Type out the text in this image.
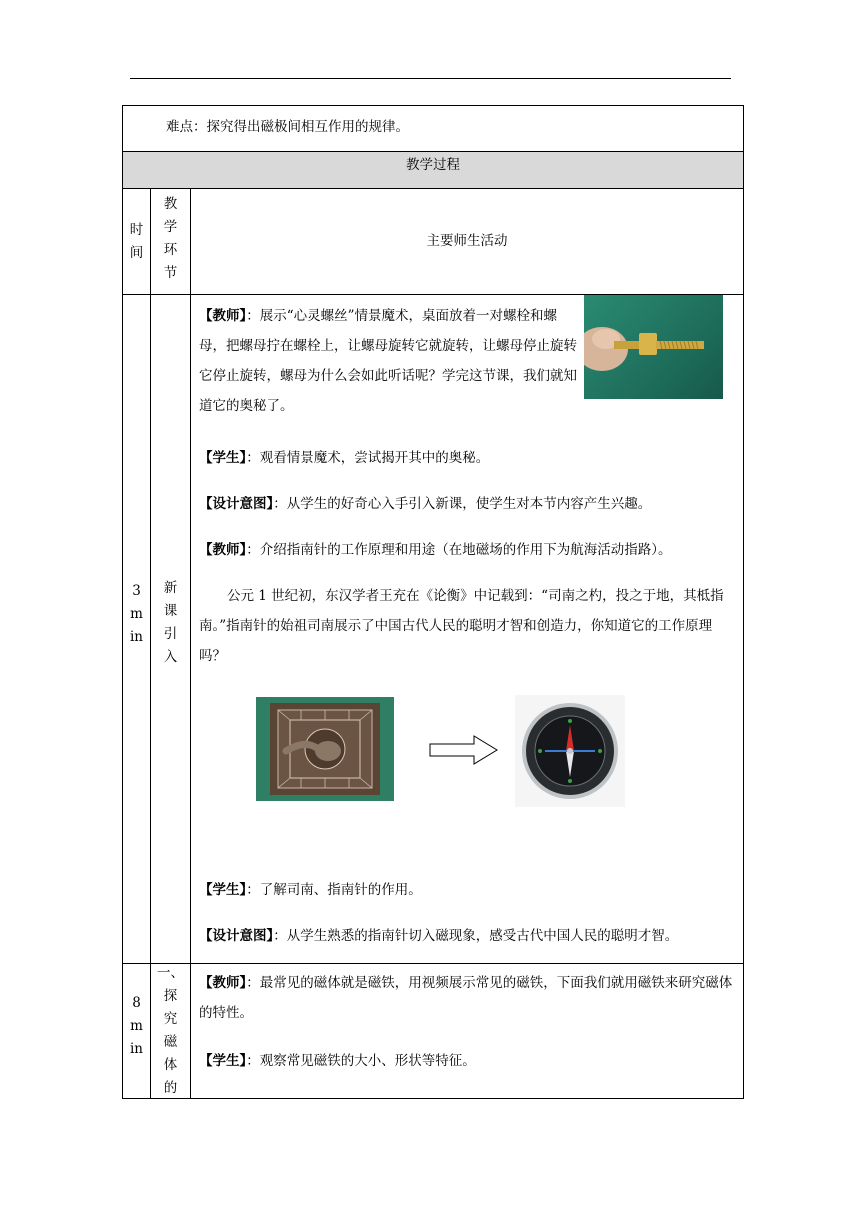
难点：探究得出磁极间相互作用的规律。
教学过程
时
间
教
学
环
节
主要师生活动
3
m
in
新
课
引
入
【教师】：展示“心灵螺丝”情景魔术，桌面放着一对螺栓和螺母，把螺母拧在螺栓上，让螺母旋转它就旋转，让螺母停止旋转它停止旋转，螺母为什么会如此听话呢？学完这节课，我们就知道它的奥秘了。
【学生】：观看情景魔术，尝试揭开其中的奥秘。
【设计意图】：从学生的好奇心入手引入新课，使学生对本节内容产生兴趣。
【教师】：介绍指南针的工作原理和用途（在地磁场的作用下为航海活动指路）。
公元 1 世纪初，东汉学者王充在《论衡》中记载到：“司南之杓，投之于地，其柢指南。”指南针的始祖司南展示了中国古代人民的聪明才智和创造力，你知道它的工作原理吗？
【学生】：了解司南、指南针的作用。
【设计意图】：从学生熟悉的指南针切入磁现象，感受古代中国人民的聪明才智。
8
m
in
一、
探
究
磁
体
的
【教师】：最常见的磁体就是磁铁，用视频展示常见的磁铁，下面我们就用磁铁来研究磁体的特性。
【学生】：观察常见磁铁的大小、形状等特征。
